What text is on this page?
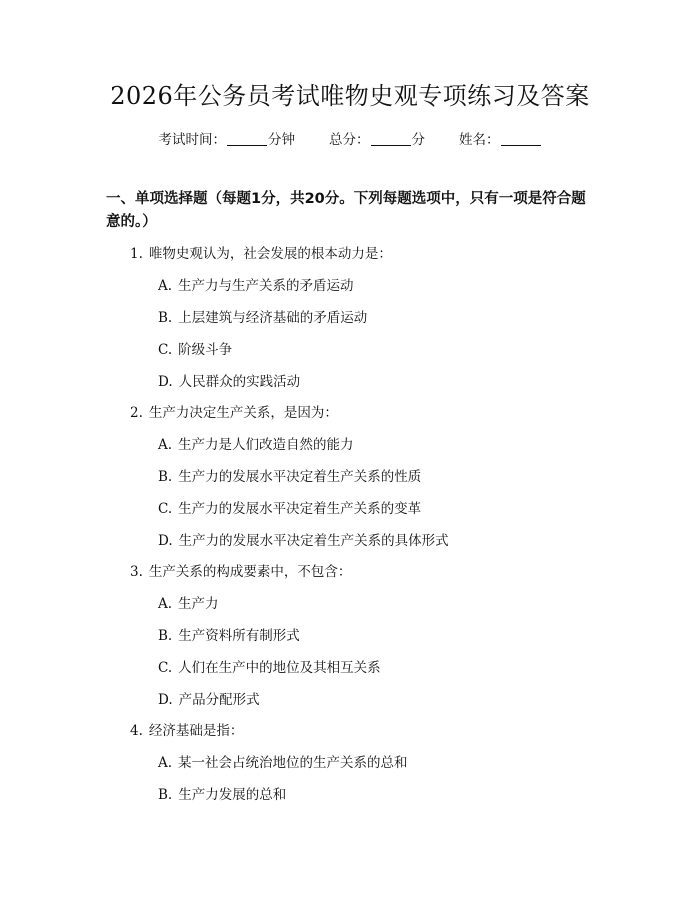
2026年公务员考试唯物史观专项练习及答案
考试时间：	分钟	总分：	分	姓名：
一、单项选择题（每题1分，共20分。下列每题选项中，只有一项是符合题意的。）
1. 唯物史观认为，社会发展的根本动力是：
A. 生产力与生产关系的矛盾运动
B. 上层建筑与经济基础的矛盾运动
C. 阶级斗争
D. 人民群众的实践活动
2. 生产力决定生产关系，是因为：
A. 生产力是人们改造自然的能力
B. 生产力的发展水平决定着生产关系的性质
C. 生产力的发展水平决定着生产关系的变革
D. 生产力的发展水平决定着生产关系的具体形式
3. 生产关系的构成要素中，不包含：
A. 生产力
B. 生产资料所有制形式
C. 人们在生产中的地位及其相互关系
D. 产品分配形式
4. 经济基础是指：
A. 某一社会占统治地位的生产关系的总和
B. 生产力发展的总和
